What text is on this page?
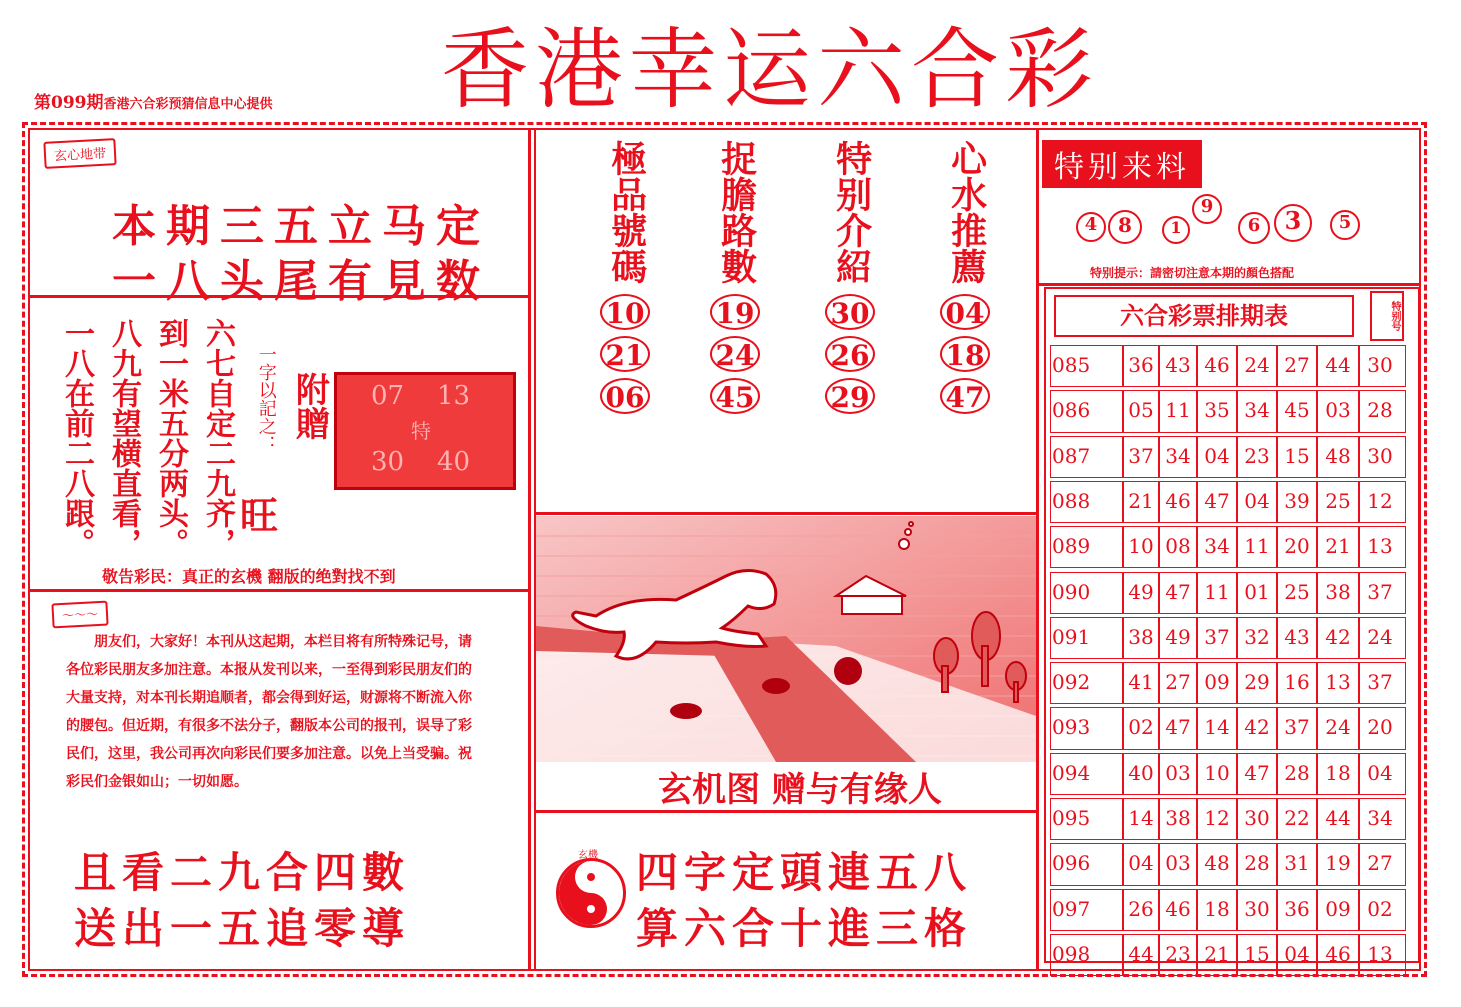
香港幸运六合彩
第099期香港六合彩预猜信息中心提供
玄心地带
本期三五立马定
一八头尾有見数
六七自定二九齐，
到一米五分两头。
八九有望横直看，
一八在前二八跟。	一字以記之： 附贈
旺
07 13
特
30 40
敬告彩民：真正的玄機 翻版的绝對找不到
～～～
朋友们，大家好！本刊从这起期，本栏目将有所特殊记号，请各位彩民朋友多加注意。本报从发刊以来，一至得到彩民朋友们的大量支持，对本刊长期追顺者，都会得到好运，财源将不断流入你的腰包。但近期，有很多不法分子，翻版本公司的报刊，误导了彩民们，这里，我公司再次向彩民们要多加注意。以免上当受骗。祝彩民们金银如山；一切如愿。
且看二九合四數
送出一五追零導
極品號碼
10
21
06
捉膽路數
19
24
45
特别介紹
30
26
29
心水推薦
04
18
47
玄机图 赠与有缘人
玄機 四字定頭連五八
算六合十進三格
特别来料
4	8	1
9
6	3	5
特别提示：請密切注意本期的顏色搭配
六合彩票排期表	特别号
085	36 43 46 24 27 44 30
086	05 11 35 34 45 03 28
087	37 34 04 23 15 48 30
088	21 46 47 04 39 25 12
089	10 08 34 11 20 21 13
090	49 47 11 01 25 38 37
091	38 49 37 32 43 42 24
092	41 27 09 29 16 13 37
093	02 47 14 42 37 24 20
094	40 03 10 47 28 18 04
095	14 38 12 30 22 44 34
096	04 03 48 28 31 19 27
097	26 46 18 30 36 09 02
098	44 23 21 15 04 46 13
